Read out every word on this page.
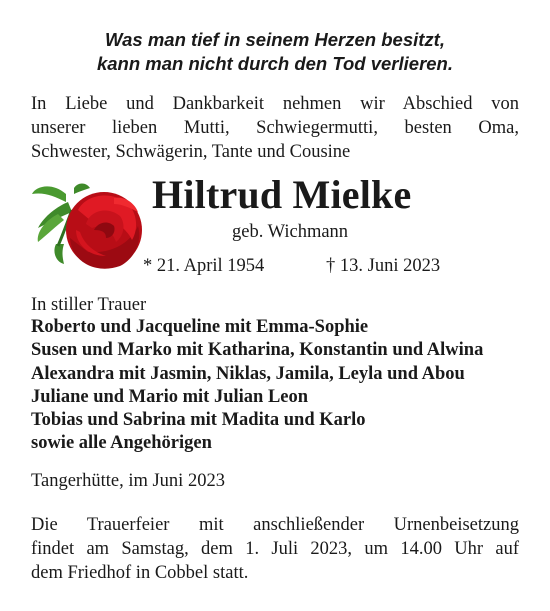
Was man tief in seinem Herzen besitzt,
kann man nicht durch den Tod verlieren.
In Liebe und Dankbarkeit nehmen wir Abschied von
unserer lieben Mutti, Schwiegermutti, besten Oma,
Schwester, Schwägerin, Tante und Cousine
Hiltrud Mielke
geb. Wichmann
* 21. April 1954	† 13. Juni 2023
In stiller Trauer
Roberto und Jacqueline mit Emma-Sophie
Susen und Marko mit Katharina, Konstantin und Alwina
Alexandra mit Jasmin, Niklas, Jamila, Leyla und Abou
Juliane und Mario mit Julian Leon
Tobias und Sabrina mit Madita und Karlo
sowie alle Angehörigen
Tangerhütte, im Juni 2023
Die Trauerfeier mit anschließender Urnenbeisetzung
findet am Samstag, dem 1. Juli 2023, um 14.00 Uhr auf
dem Friedhof in Cobbel statt.
